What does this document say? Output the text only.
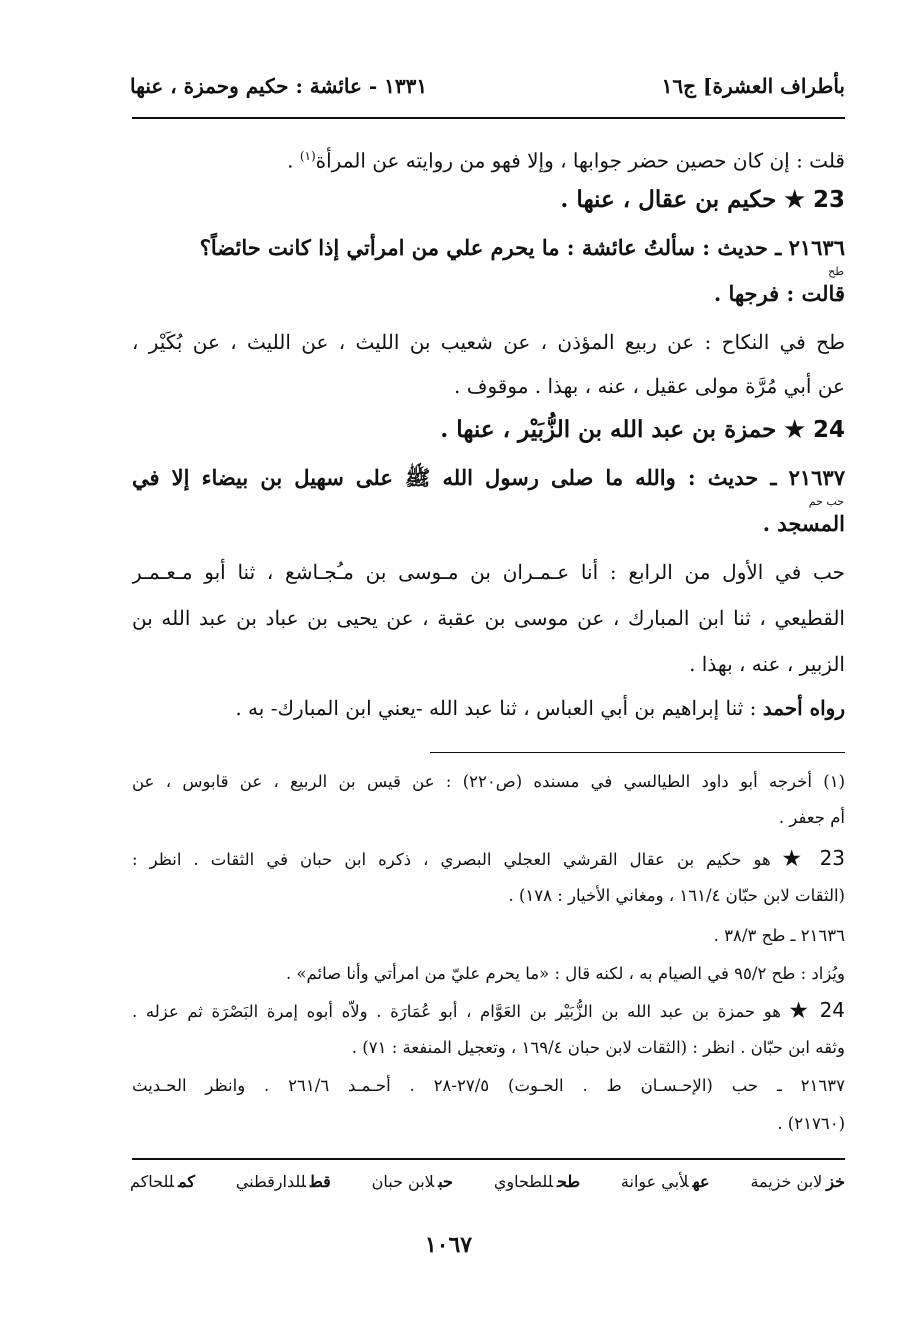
بأطراف العشرة] ج١٦
١٣٣١ - عائشة : حكيم وحمزة ، عنها
قلت : إن كان حصين حضر جوابها ، وإلا فهو من روايته عن المرأة$^{(١)}$ .
23 ★ حكيم بن عقال ، عنها .
٢١٦٣٦ ـ حديث : سألتُ عائشة : ما يحرم علي من امرأتي إذا كانت حائضاً؟
طح
قالت : فرجها .
طح في النكاح : عن ربيع المؤذن ، عن شعيب بن الليث ، عن الليث ، عن بُكَيْر ،
عن أبي مُرَّة مولى عقيل ، عنه ، بهذا . موقوف .
24 ★ حمزة بن عبد الله بن الزُّبَيْر ، عنها .
٢١٦٣٧ ـ حديث : والله ما صلى رسول الله ﷺ على سهيل بن بيضاء إلا في
حب حم
المسجد .
حب في الأول من الرابع : أنا عـمـران بن مـوسى بن مـُجـاشع ، ثنا أبو مـعـمـر
القطيعي ، ثنا ابن المبارك ، عن موسى بن عقبة ، عن يحيى بن عباد بن عبد الله بن
الزبير ، عنه ، بهذا .
رواه أحمد : ثنا إبراهيم بن أبي العباس ، ثنا عبد الله -يعني ابن المبارك- به .
(١) أخرجه أبو داود الطيالسي في مسنده (ص٢٢٠) : عن قيس بن الربيع ، عن قابوس ، عن
أم جعفر .
23 ★ هو حكيم بن عقال القرشي العجلي البصري ، ذكره ابن حبان في الثقات . انظر :
(الثقات لابن حبّان ١٦١/٤ ، ومغاني الأخيار : ١٧٨) .
٢١٦٣٦ ـ طح ٣٨/٣ .
ويُزاد : طح ٩٥/٢ في الصيام به ، لكنه قال : «ما يحرم عليّ من امرأتي وأنا صائم» .
24 ★ هو حمزة بن عبد الله بن الزُّبَيْر بن العَوَّام ، أبو عُمَارَة . ولاّه أبوه إمرة البَصْرَة ثم عزله .
وثقه ابن حبّان . انظر : (الثقات لابن حبان ١٦٩/٤ ، وتعجيل المنفعة : ٧١) .
٢١٦٣٧ ـ حب (الإحـسـان ط . الحـوت) ٢٧/٥-٢٨ . أحـمـد ٢٦١/٦ . وانظر الحـديث
(٢١٧٦٠) .
خزلابن خزيمة
عهلأبي عوانة
طحللطحاوي
حبلابن حبان
قطللدارقطني
كمللحاكم
١٠٦٧
